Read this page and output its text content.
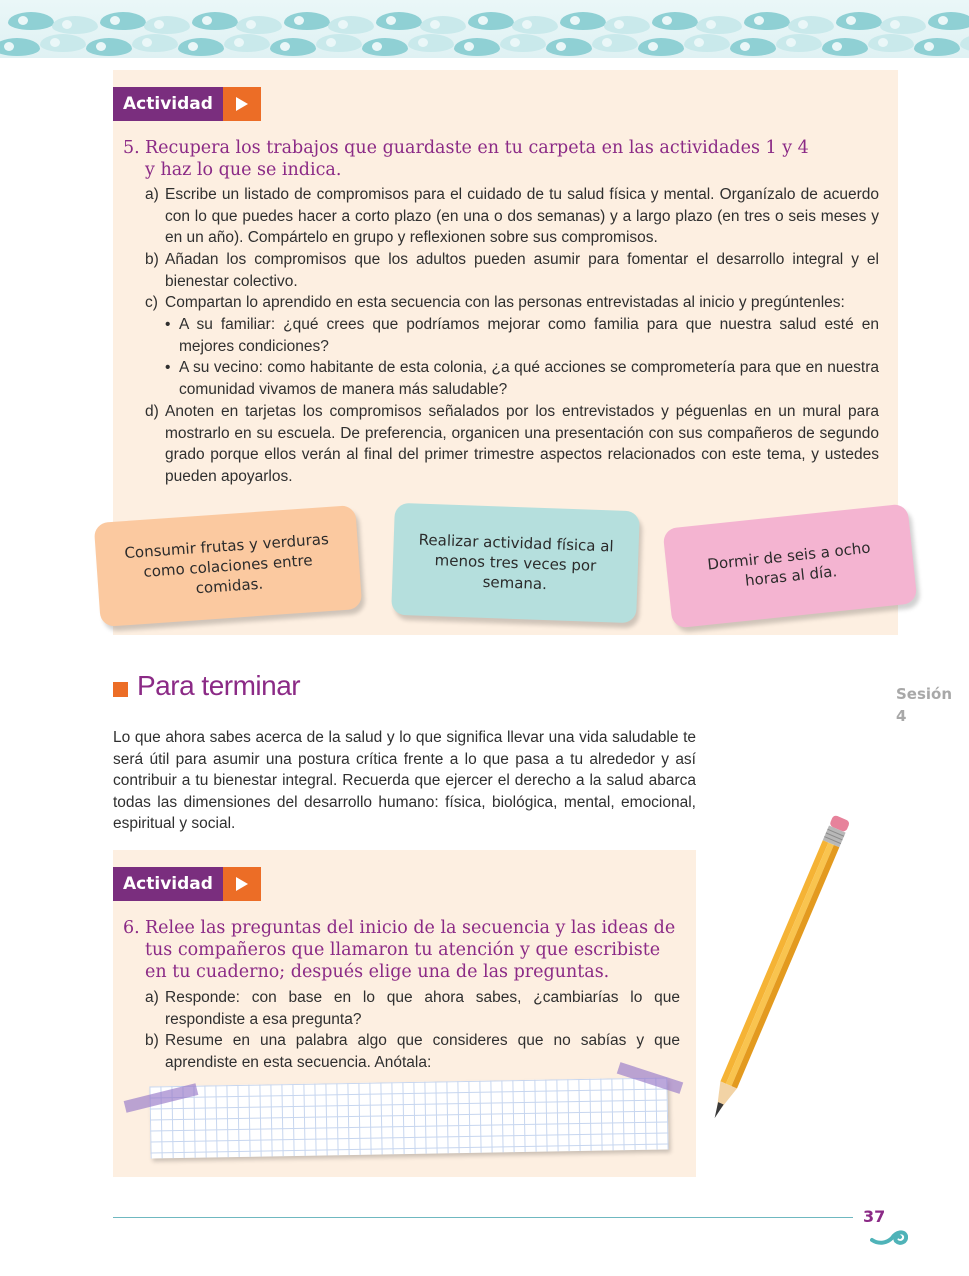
Actividad
5. Recupera los trabajos que guardaste en tu carpeta en las actividades 1 y 4
y haz lo que se indica.
a) Escribe un listado de compromisos para el cuidado de tu salud física y mental. Organízalo de acuerdo con lo que puedes hacer a corto plazo (en una o dos semanas) y a largo plazo (en tres o seis meses y en un año). Compártelo en grupo y reflexionen sobre sus compromisos.
b) Añadan los compromisos que los adultos pueden asumir para fomentar el desarrollo integral y el bienestar colectivo.
c) Compartan lo aprendido en esta secuencia con las personas entrevistadas al inicio y pregúntenles:
• A su familiar: ¿qué crees que podríamos mejorar como familia para que nuestra salud esté en mejores condiciones?
• A su vecino: como habitante de esta colonia, ¿a qué acciones se comprometería para que en nuestra comunidad vivamos de manera más saludable?
d) Anoten en tarjetas los compromisos señalados por los entrevistados y péguenlas en un mural para mostrarlo en su escuela. De preferencia, organicen una presentación con sus compañeros de segundo grado porque ellos verán al final del primer trimestre aspectos relacionados con este tema, y ustedes pueden apoyarlos.
Consumir frutas y verduras como colaciones entre comidas.
Realizar actividad física al menos tres veces por semana.
Dormir de seis a ocho horas al día.
Para terminar	Sesión
4
Lo que ahora sabes acerca de la salud y lo que significa llevar una vida saludable te será útil para asumir una postura crítica frente a lo que pasa a tu alrededor y así contribuir a tu bienestar integral. Recuerda que ejercer el derecho a la salud abarca todas las dimensiones del desarrollo humano: física, biológica, mental, emocional, espiritual y social.
Actividad
6. Relee las preguntas del inicio de la secuencia y las ideas de
tus compañeros que llamaron tu atención y que escribiste
en tu cuaderno; después elige una de las preguntas.
a) Responde: con base en lo que ahora sabes, ¿cambiarías lo que respondiste a esa pregunta?
b) Resume en una palabra algo que consideres que no sabías y que aprendiste en esta secuencia. Anótala:
37
